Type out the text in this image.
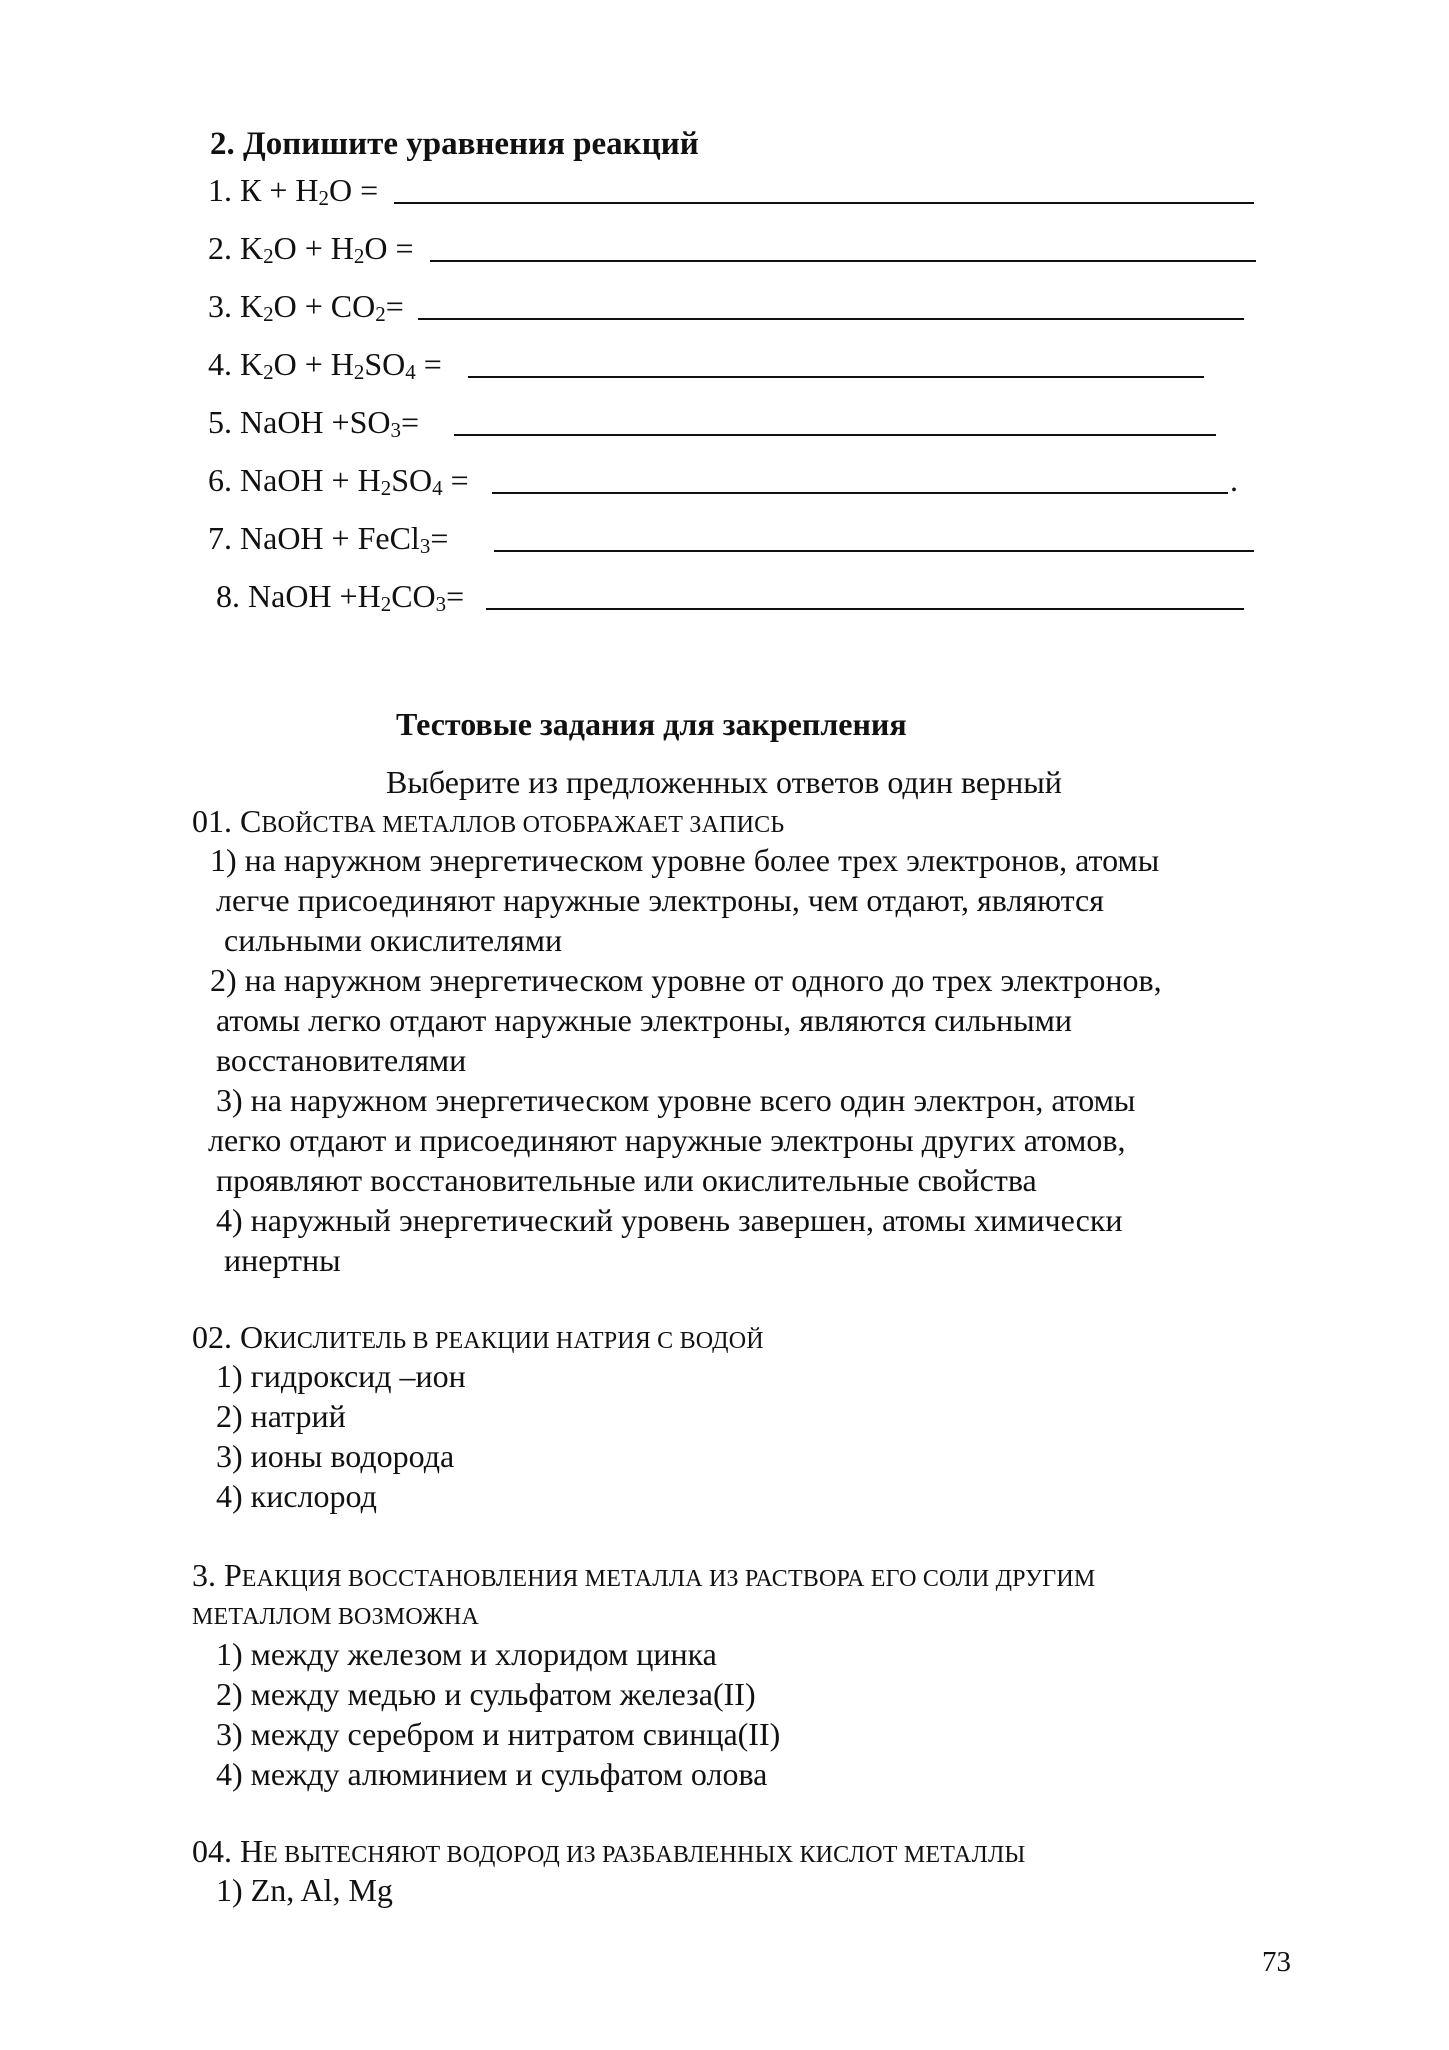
2. Допишите уравнения реакций
1. $К + H_2O$ =
2. $K_2O + H_2O$ =
3. $K_2O + CO_2=$
4. $K_2O + H_2SO_4$ =
5. NaOH $+SO_3=$
6. NaOH + $H_2SO_4$ =	.
7. NaOH + FeCl$_3$=
8. NaOH $+H_2CO_3=$
Тестовые задания для закрепления
Выберите из предложенных ответов один верный
01. СВОЙСТВА МЕТАЛЛОВ ОТОБРАЖАЕТ ЗАПИСЬ
1) на наружном энергетическом уровне более трех электронов, атомы
легче присоединяют наружные электроны, чем отдают, являются
сильными окислителями
2) на наружном энергетическом уровне от одного до трех электронов,
атомы легко отдают наружные электроны, являются сильными
восстановителями
3) на наружном энергетическом уровне всего один электрон, атомы
легко отдают и присоединяют наружные электроны других атомов,
проявляют восстановительные или окислительные свойства
4) наружный энергетический уровень завершен, атомы химически
инертны
02. ОКИСЛИТЕЛЬ В РЕАКЦИИ НАТРИЯ С ВОДОЙ
1) гидроксид –ион
2) натрий
3) ионы водорода
4) кислород
3. РЕАКЦИЯ ВОССТАНОВЛЕНИЯ МЕТАЛЛА ИЗ РАСТВОРА ЕГО СОЛИ ДРУГИМ
МЕТАЛЛОМ ВОЗМОЖНА
1) между железом и хлоридом цинка
2) между медью и сульфатом железа(II)
3) между серебром и нитратом свинца(II)
4) между алюминием и сульфатом олова
04. НЕ ВЫТЕСНЯЮТ ВОДОРОД ИЗ РАЗБАВЛЕННЫХ КИСЛОТ МЕТАЛЛЫ
1) Zn, Al, Mg
73
